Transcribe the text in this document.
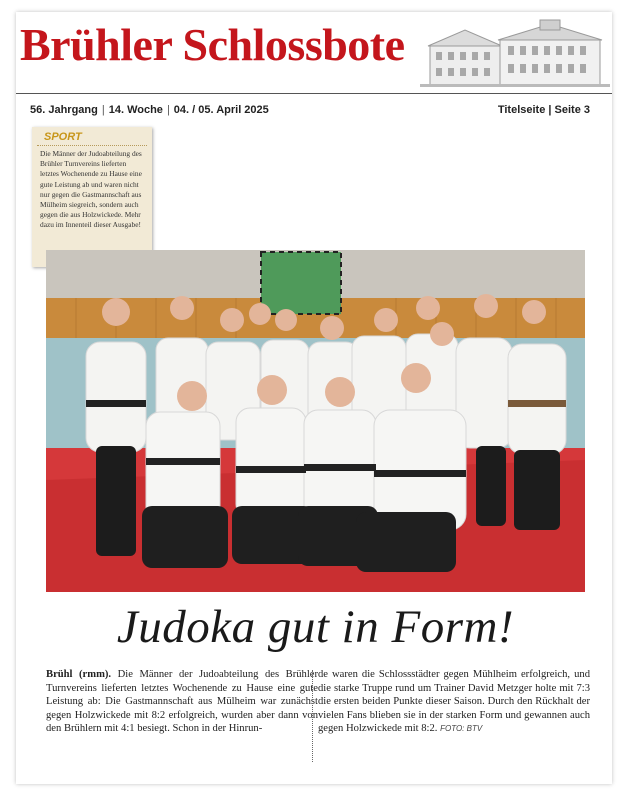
Brühler Schlossbote
56. Jahrgang | 14. Woche | 04. / 05. April 2025	Titelseite | Seite 3
SPORT
Die Männer der Judoabteilung des Brühler Turnvereins lieferten letztes Wochenende zu Hause eine gute Leistung ab und waren nicht nur gegen die Gastmannschaft aus Mülheim siegreich, sondern auch gegen die aus Holzwickede. Mehr dazu im Innenteil dieser Ausgabe!
Judoka gut in Form!
Brühl (rmm). Die Männer der Judoabteilung des Brühler Turnvereins lieferten letztes Wochenende zu Hause eine gute Leistung ab: Die Gastmannschaft aus Mülheim war zunächst gegen Holzwickede mit 8:2 erfolgreich, wurden aber dann von den Brühlern mit 4:1 besiegt. Schon in der Hinrun-
de waren die Schlossstädter gegen Mühlheim erfolgreich, und die starke Truppe rund um Trainer David Metzger holte mit 7:3 die ersten beiden Punkte dieser Saison. Durch den Rückhalt der vielen Fans blieben sie in der starken Form und gewannen auch gegen Holzwickede mit 8:2. FOTO: BTV
